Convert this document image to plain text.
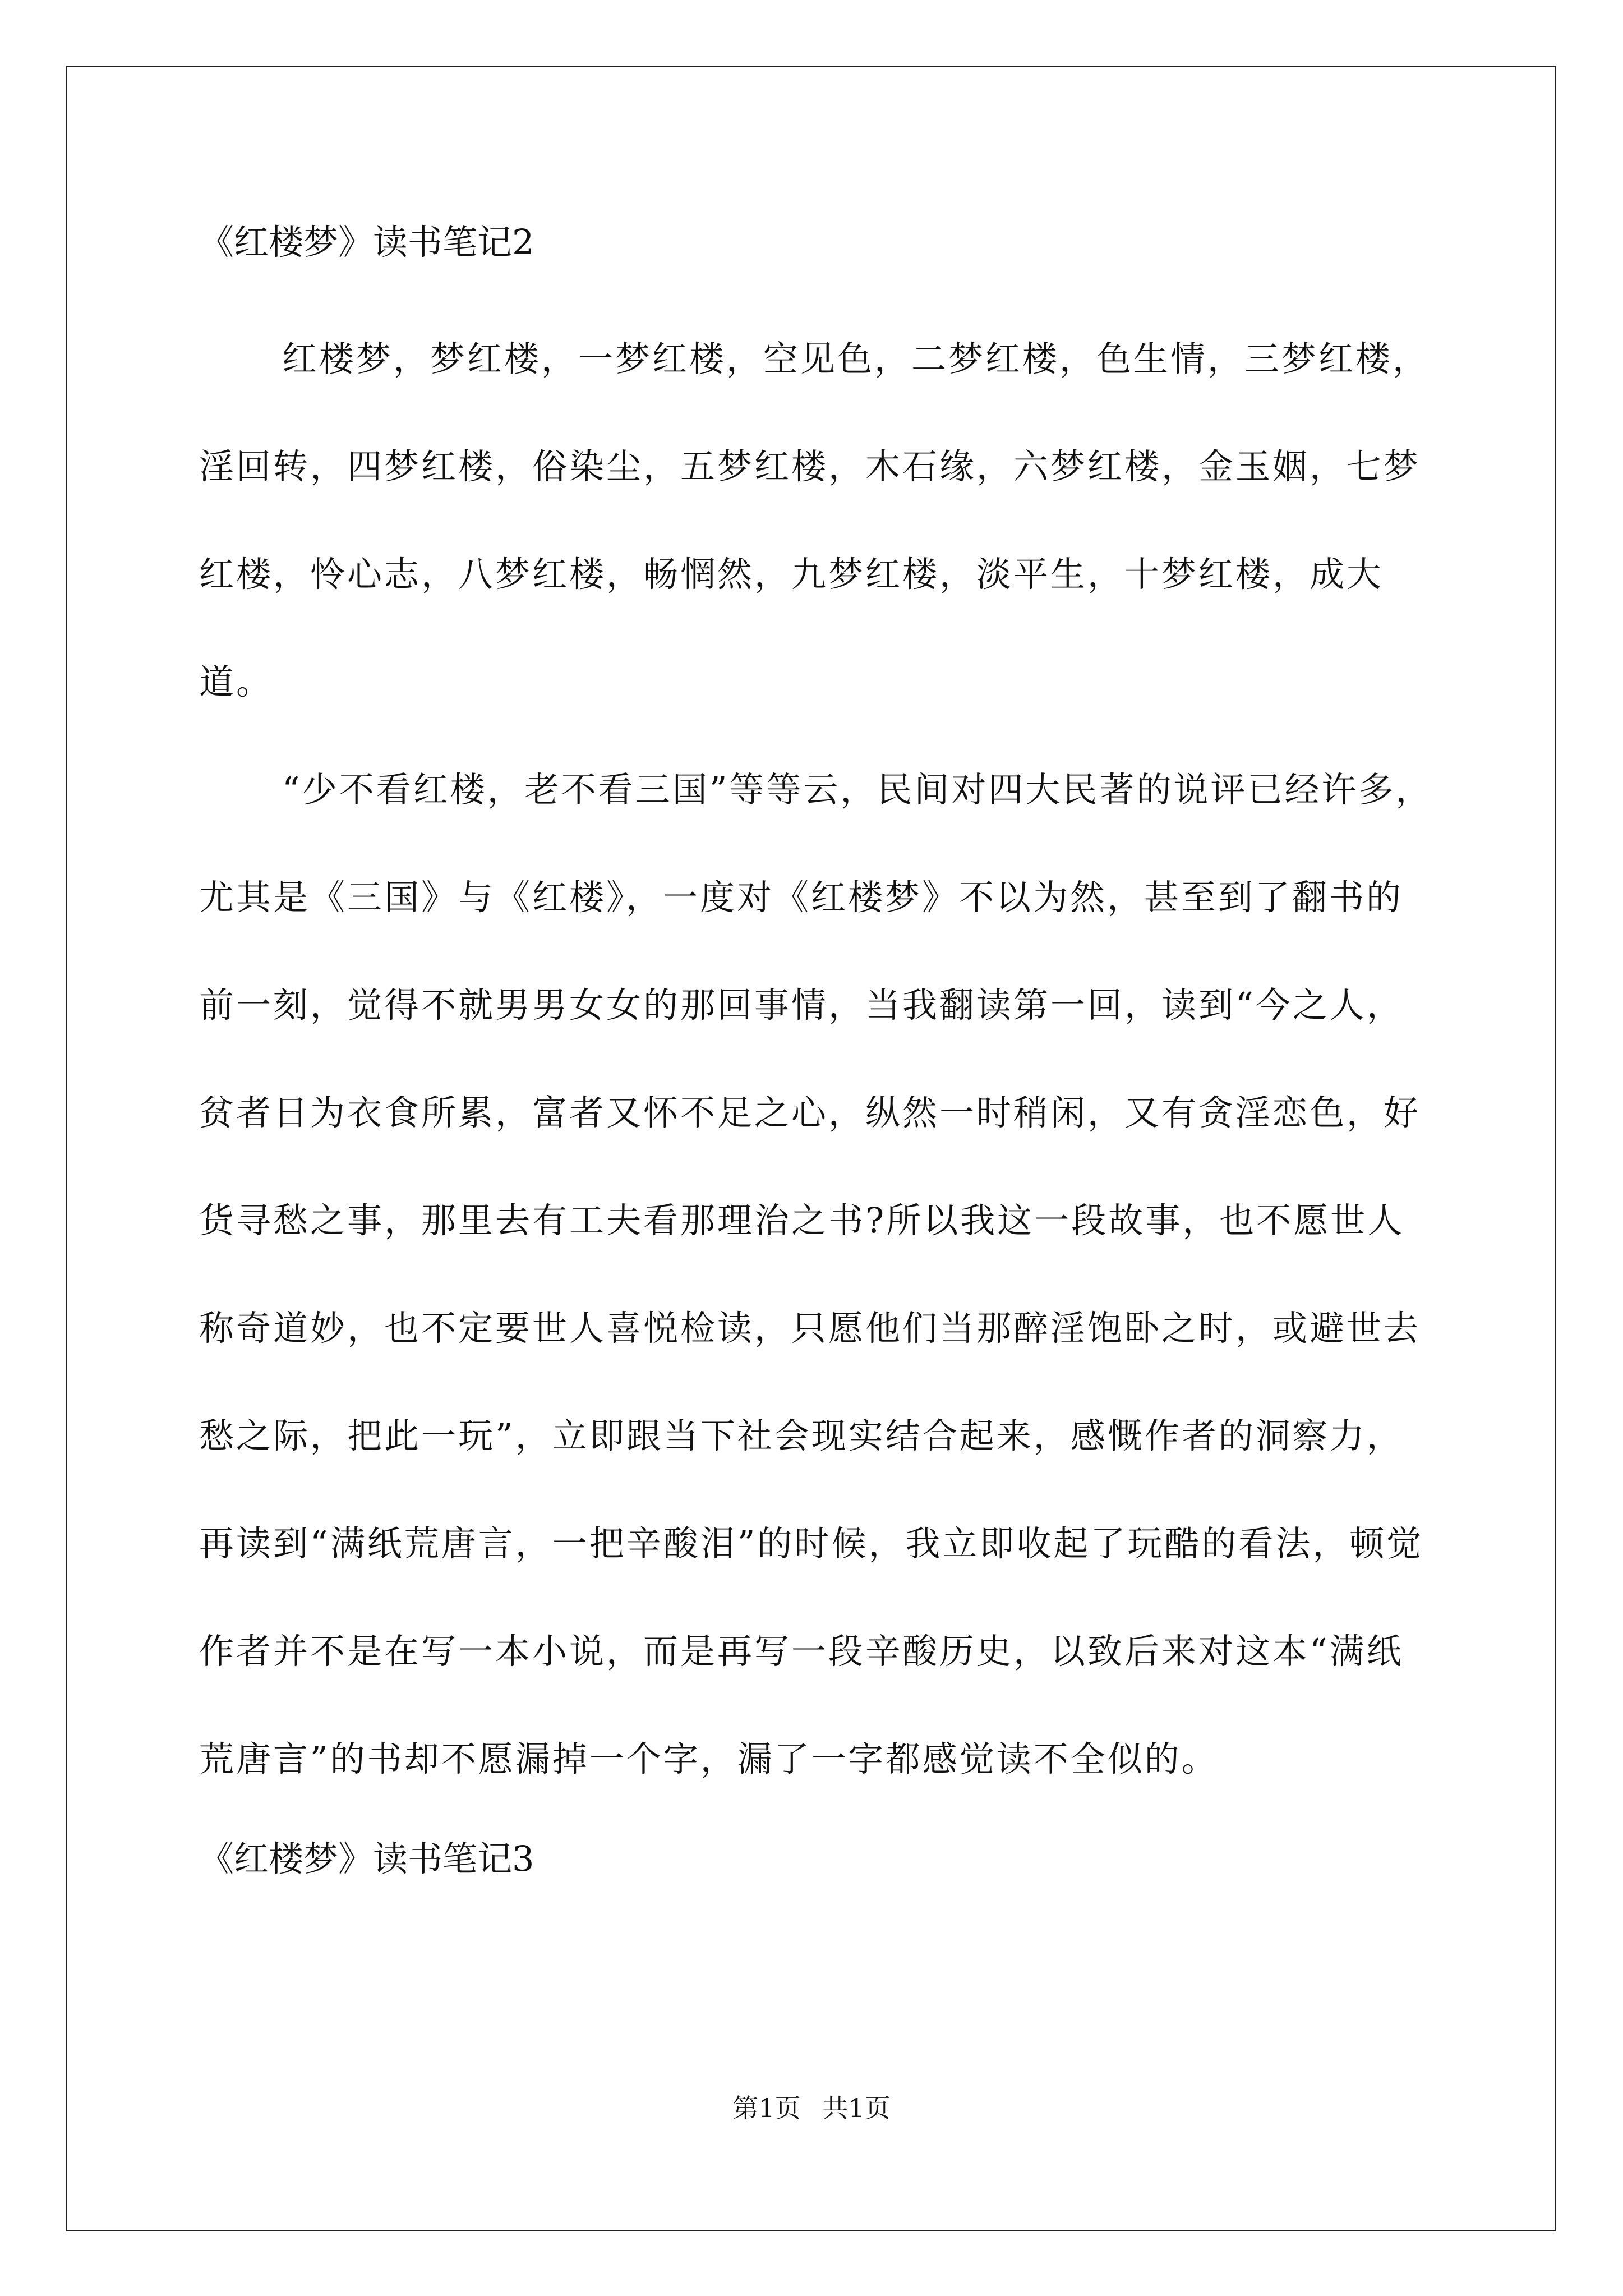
《红楼梦》读书笔记2

红楼梦，梦红楼，一梦红楼，空见色，二梦红楼，色生情，三梦红楼，淫回转，四梦红楼，俗染尘，五梦红楼，木石缘，六梦红楼，金玉姻，七梦红楼，怜心志，八梦红楼，畅惘然，九梦红楼，淡平生，十梦红楼，成大道。

“少不看红楼，老不看三国”等等云，民间对四大民著的说评已经许多，尤其是《三国》与《红楼》，一度对《红楼梦》不以为然，甚至到了翻书的前一刻，觉得不就男男女女的那回事情，当我翻读第一回，读到“今之人，贫者日为衣食所累，富者又怀不足之心，纵然一时稍闲，又有贪淫恋色，好货寻愁之事，那里去有工夫看那理治之书?所以我这一段故事，也不愿世人称奇道妙，也不定要世人喜悦检读，只愿他们当那醉淫饱卧之时，或避世去愁之际，把此一玩”，立即跟当下社会现实结合起来，感慨作者的洞察力，再读到“满纸荒唐言，一把辛酸泪”的时候，我立即收起了玩酷的看法，顿觉作者并不是在写一本小说，而是再写一段辛酸历史，以致后来对这本“满纸荒唐言”的书却不愿漏掉一个字，漏了一字都感觉读不全似的。

《红楼梦》读书笔记3

第1页 共1页
